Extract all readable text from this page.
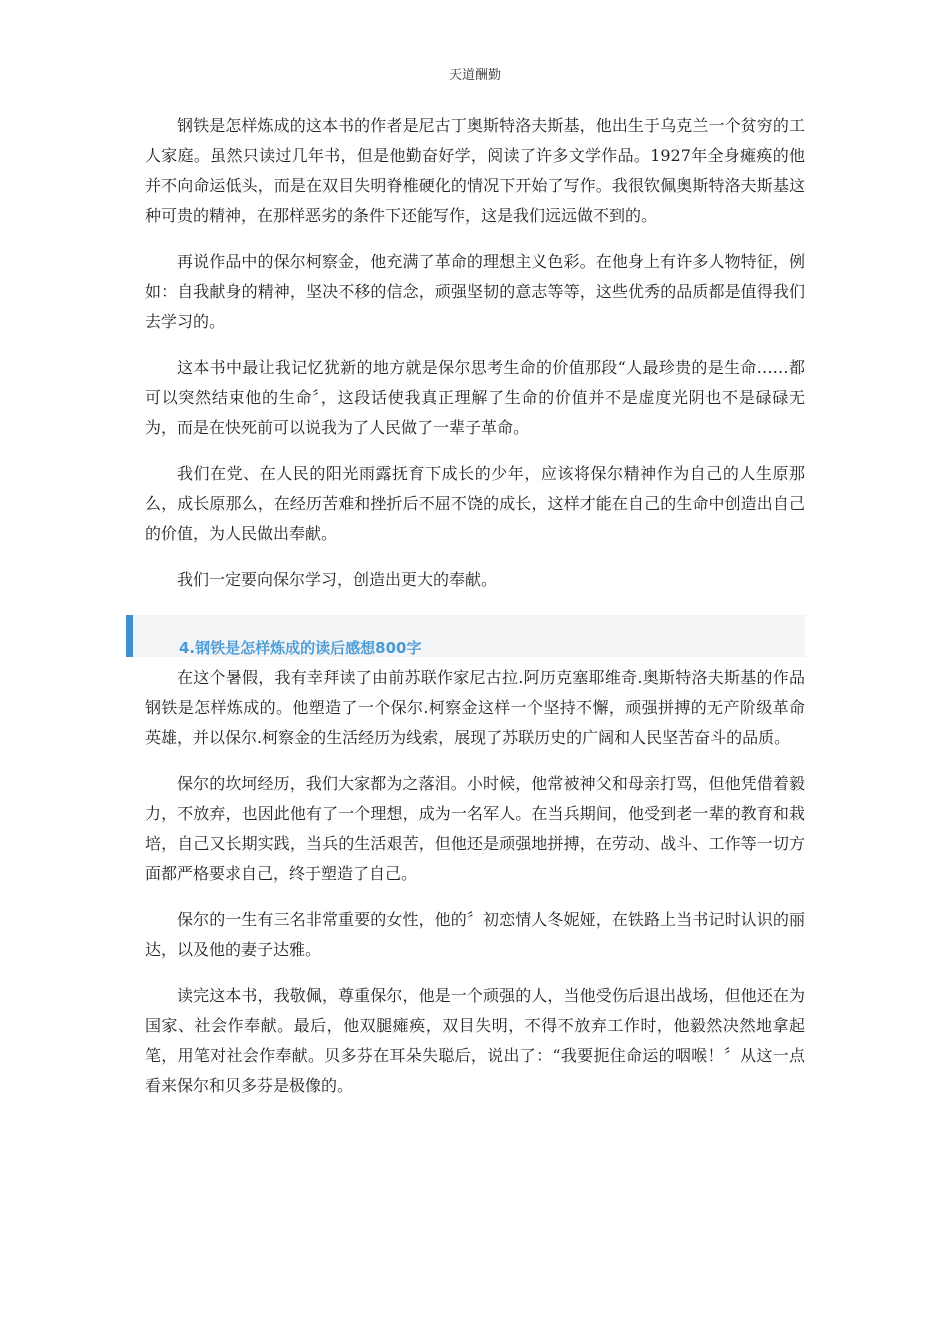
天道酬勤

钢铁是怎样炼成的这本书的作者是尼古丁奥斯特洛夫斯基，他出生于乌克兰一个贫穷的工人家庭。虽然只读过几年书，但是他勤奋好学，阅读了许多文学作品。1927年全身瘫痪的他并不向命运低头，而是在双目失明脊椎硬化的情况下开始了写作。我很钦佩奥斯特洛夫斯基这种可贵的精神，在那样恶劣的条件下还能写作，这是我们远远做不到的。

再说作品中的保尔柯察金，他充满了革命的理想主义色彩。在他身上有许多人物特征，例如：自我献身的精神，坚决不移的信念，顽强坚韧的意志等等，这些优秀的品质都是值得我们去学习的。

这本书中最让我记忆犹新的地方就是保尔思考生命的价值那段“人最珍贵的是生命……都可以突然结束他的生命〞，这段话使我真正理解了生命的价值并不是虚度光阴也不是碌碌无为，而是在快死前可以说我为了人民做了一辈子革命。

我们在党、在人民的阳光雨露抚育下成长的少年，应该将保尔精神作为自己的人生原那么，成长原那么，在经历苦难和挫折后不屈不饶的成长，这样才能在自己的生命中创造出自己的价值，为人民做出奉献。

我们一定要向保尔学习，创造出更大的奉献。

4.钢铁是怎样炼成的读后感想800字

在这个暑假，我有幸拜读了由前苏联作家尼古拉.阿历克塞耶维奇.奥斯特洛夫斯基的作品钢铁是怎样炼成的。他塑造了一个保尔.柯察金这样一个坚持不懈，顽强拼搏的无产阶级革命英雄，并以保尔.柯察金的生活经历为线索，展现了苏联历史的广阔和人民坚苦奋斗的品质。

保尔的坎坷经历，我们大家都为之落泪。小时候，他常被神父和母亲打骂，但他凭借着毅力，不放弃，也因此他有了一个理想，成为一名军人。在当兵期间，他受到老一辈的教育和栽培，自己又长期实践，当兵的生活艰苦，但他还是顽强地拼搏，在劳动、战斗、工作等一切方面都严格要求自己，终于塑造了自己。

保尔的一生有三名非常重要的女性，他的〞初恋情人冬妮娅，在铁路上当书记时认识的丽达，以及他的妻子达雅。

读完这本书，我敬佩，尊重保尔，他是一个顽强的人，当他受伤后退出战场，但他还在为国家、社会作奉献。最后，他双腿瘫痪，双目失明，不得不放弃工作时，他毅然决然地拿起笔，用笔对社会作奉献。贝多芬在耳朵失聪后，说出了：“我要扼住命运的咽喉！〞从这一点看来保尔和贝多芬是极像的。
